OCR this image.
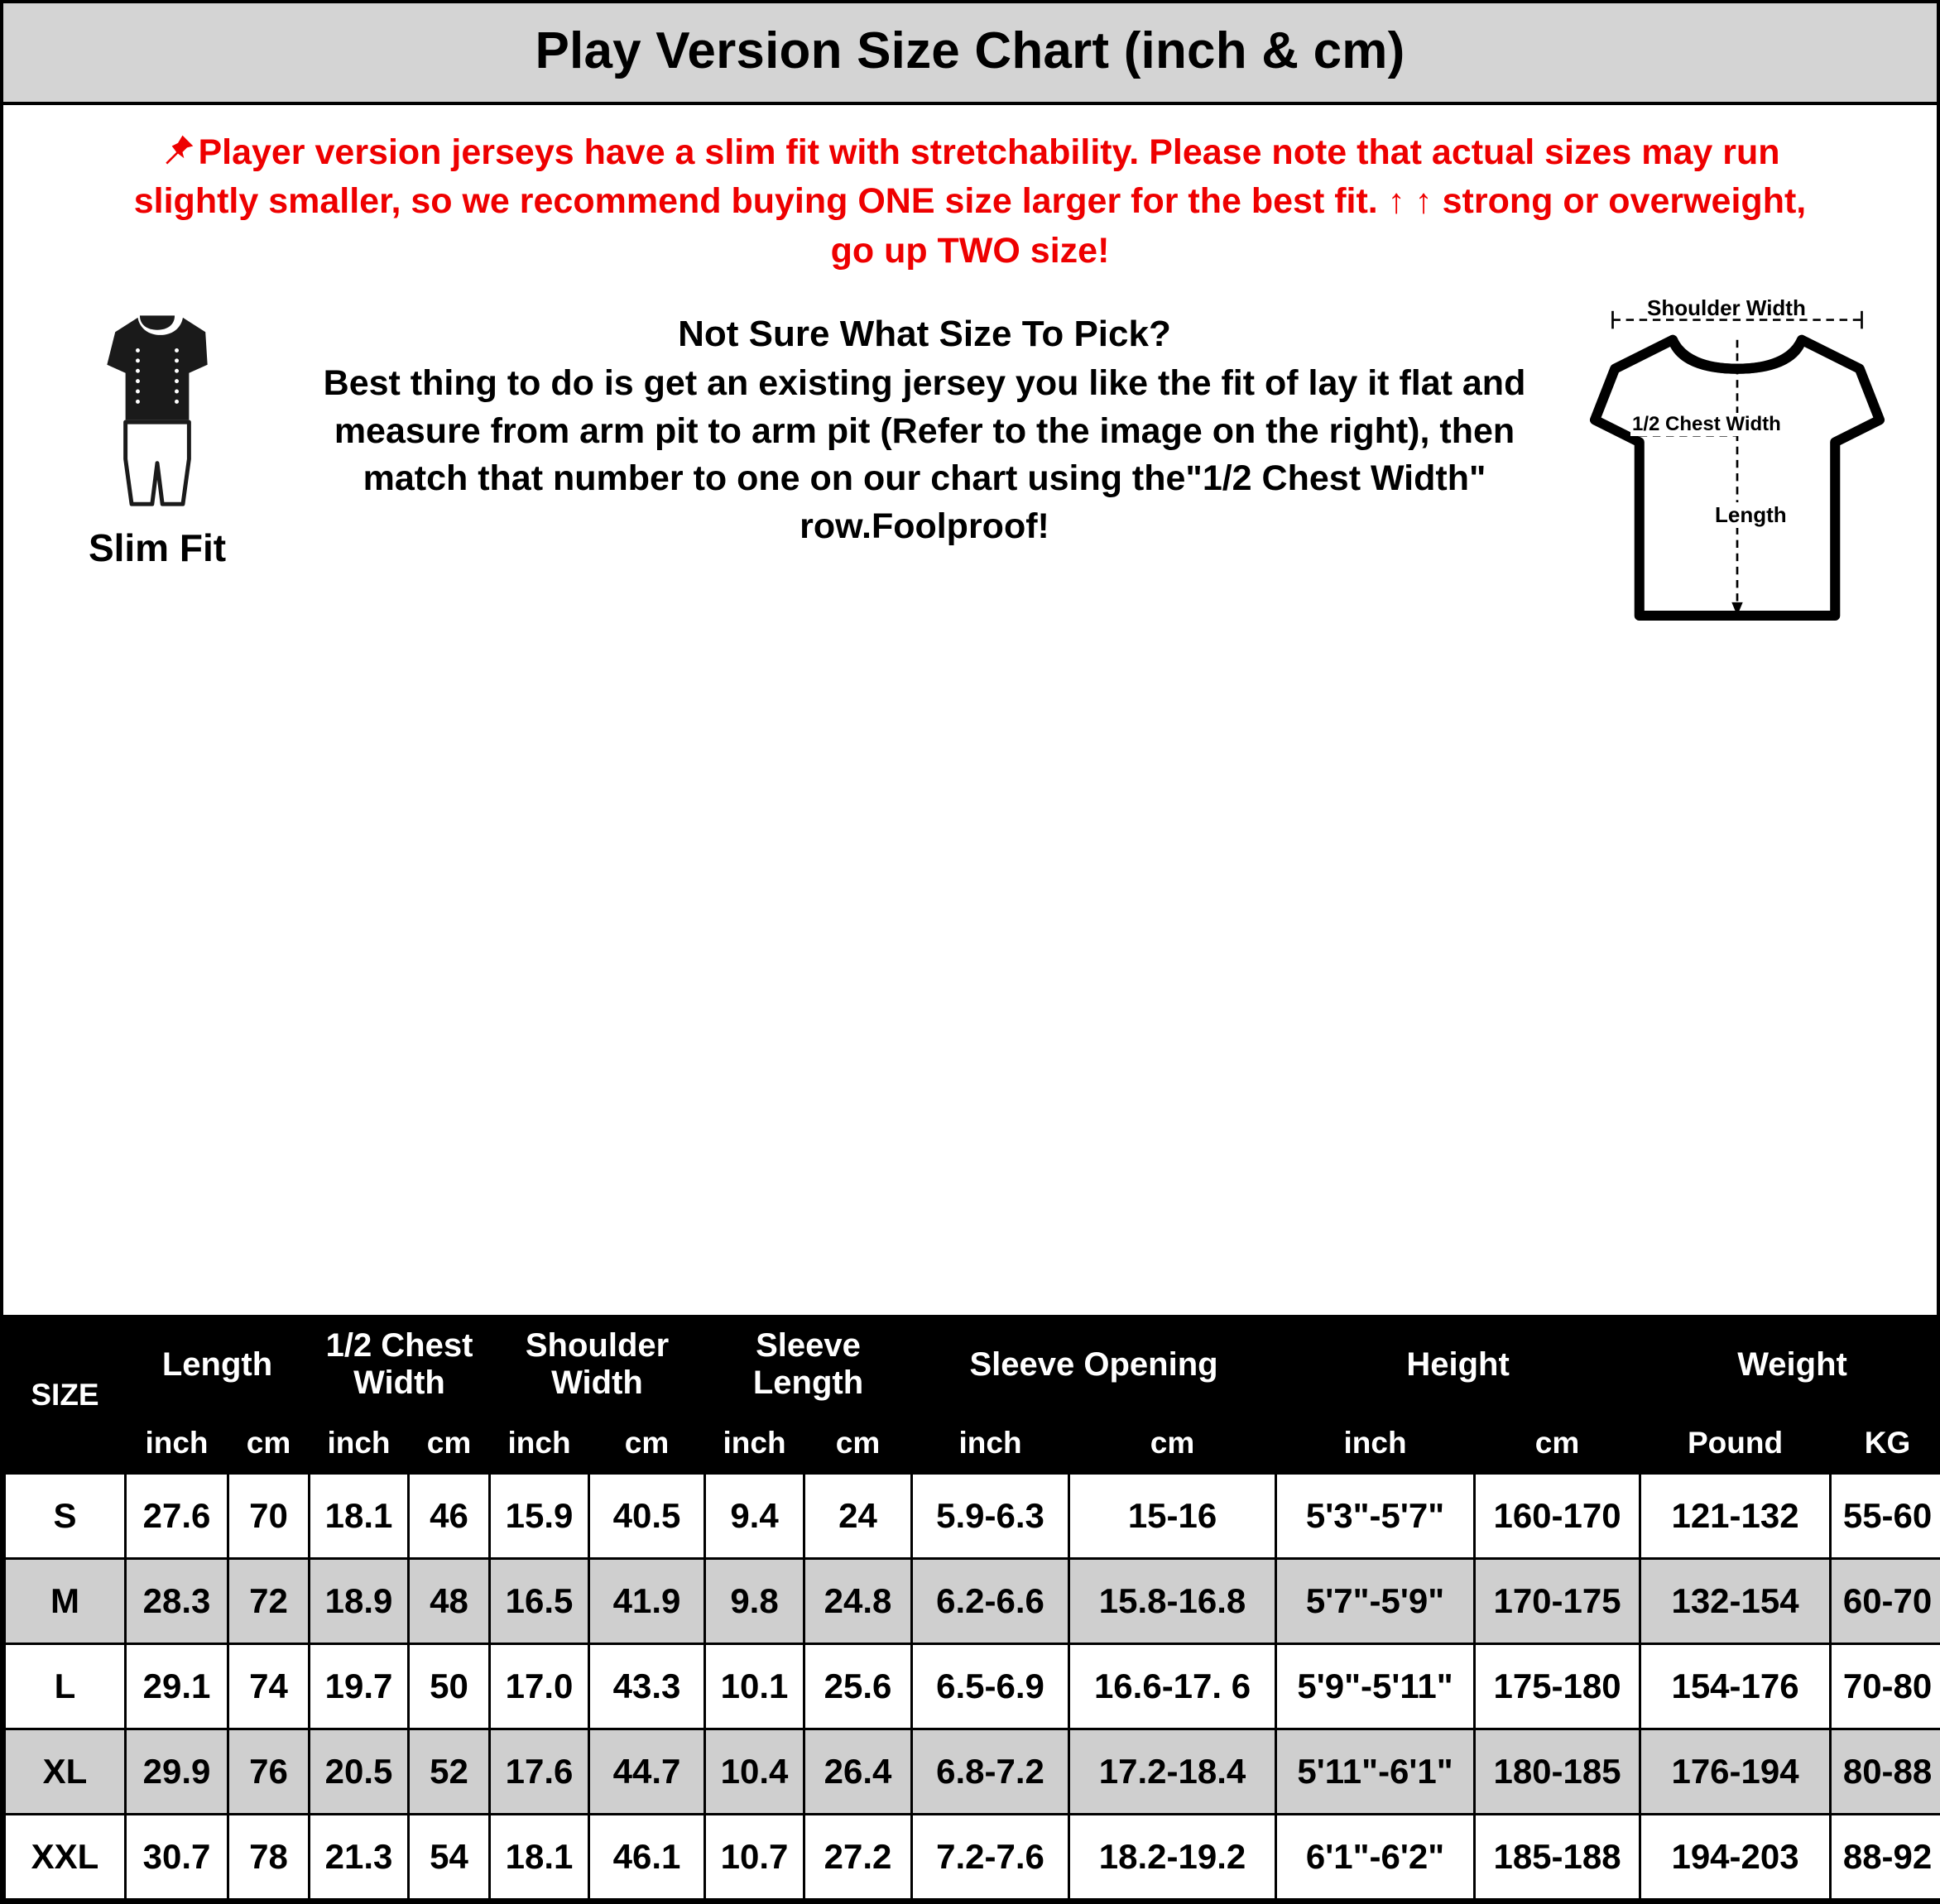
Play Version Size Chart (inch & cm)
Player version jerseys have a slim fit with stretchability. Please note that actual sizes may run
slightly smaller, so we recommend buying ONE size larger for the best fit. ↑ ↑ strong or overweight,
go up TWO size!
Slim Fit

Not Sure What Size To Pick?

Best thing to do is get an existing jersey you like the fit of lay it flat and measure from arm pit to arm pit (Refer to the image on the right), then match that number to one on our chart using the"1/2 Chest Width" row.Foolproof!

Shoulder Width
1/2 Chest Width
Length
SIZE	Length		1/2 Chest Width		Shoulder Width		Sleeve Length		Sleeve Opening		Height		Weight	
	inch	cm	inch	cm	inch	cm	inch	cm	inch	cm	inch	cm	Pound	KG
S	27.6	70	18.1	46	15.9	40.5	9.4	24	5.9-6.3	15-16	5'3"-5'7"	160-170	121-132	55-60
M	28.3	72	18.9	48	16.5	41.9	9.8	24.8	6.2-6.6	15.8-16.8	5'7"-5'9"	170-175	132-154	60-70
L	29.1	74	19.7	50	17.0	43.3	10.1	25.6	6.5-6.9	16.6-17. 6	5'9"-5'11"	175-180	154-176	70-80
XL	29.9	76	20.5	52	17.6	44.7	10.4	26.4	6.8-7.2	17.2-18.4	5'11"-6'1"	180-185	176-194	80-88
XXL	30.7	78	21.3	54	18.1	46.1	10.7	27.2	7.2-7.6	18.2-19.2	6'1"-6'2"	185-188	194-203	88-92
